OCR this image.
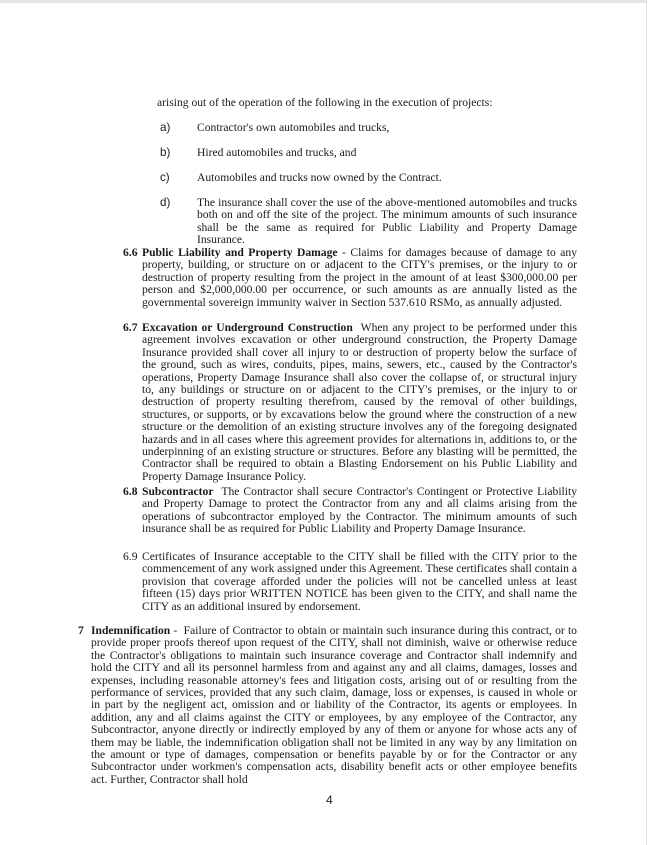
arising out of the operation of the following in the execution of projects:
a) Contractor's own automobiles and trucks,
b) Hired automobiles and trucks, and
c) Automobiles and trucks now owned by the Contract.
d) The insurance shall cover the use of the above-mentioned automobiles and trucks both on and off the site of the project. The minimum amounts of such insurance shall be the same as required for Public Liability and Property Damage Insurance.
6.6 Public Liability and Property Damage - Claims for damages because of damage to any property, building, or structure on or adjacent to the CITY's premises, or the injury to or destruction of property resulting from the project in the amount of at least $300,000.00 per person and $2,000,000.00 per occurrence, or such amounts as are annually listed as the governmental sovereign immunity waiver in Section 537.610 RSMo, as annually adjusted.
6.7 Excavation or Underground Construction When any project to be performed under this agreement involves excavation or other underground construction, the Property Damage Insurance provided shall cover all injury to or destruction of property below the surface of the ground, such as wires, conduits, pipes, mains, sewers, etc., caused by the Contractor's operations, Property Damage Insurance shall also cover the collapse of, or structural injury to, any buildings or structure on or adjacent to the CITY's premises, or the injury to or destruction of property resulting therefrom, caused by the removal of other buildings, structures, or supports, or by excavations below the ground where the construction of a new structure or the demolition of an existing structure involves any of the foregoing designated hazards and in all cases where this agreement provides for alternations in, additions to, or the underpinning of an existing structure or structures. Before any blasting will be permitted, the Contractor shall be required to obtain a Blasting Endorsement on his Public Liability and Property Damage Insurance Policy.
6.8 Subcontractor The Contractor shall secure Contractor's Contingent or Protective Liability and Property Damage to protect the Contractor from any and all claims arising from the operations of subcontractor employed by the Contractor. The minimum amounts of such insurance shall be as required for Public Liability and Property Damage Insurance.
6.9 Certificates of Insurance acceptable to the CITY shall be filled with the CITY prior to the commencement of any work assigned under this Agreement. These certificates shall contain a provision that coverage afforded under the policies will not be cancelled unless at least fifteen (15) days prior WRITTEN NOTICE has been given to the CITY, and shall name the CITY as an additional insured by endorsement.
7 Indemnification -  Failure of Contractor to obtain or maintain such insurance during this contract, or to provide proper proofs thereof upon request of the CITY, shall not diminish, waive or otherwise reduce the Contractor's obligations to maintain such insurance coverage and Contractor shall indemnify and hold the CITY and all its personnel harmless from and against any and all claims, damages, losses and expenses, including reasonable attorney's fees and litigation costs, arising out of or resulting from the performance of services, provided that any such claim, damage, loss or expenses, is caused in whole or in part by the negligent act, omission and or liability of the Contractor, its agents or employees. In addition, any and all claims against the CITY or employees, by any employee of the Contractor, any Subcontractor, anyone directly or indirectly employed by any of them or anyone for whose acts any of them may be liable, the indemnification obligation shall not be limited in any way by any limitation on the amount or type of damages, compensation or benefits payable by or for the Contractor or any Subcontractor under workmen's compensation acts, disability benefit acts or other employee benefits act. Further, Contractor shall hold
. 4
